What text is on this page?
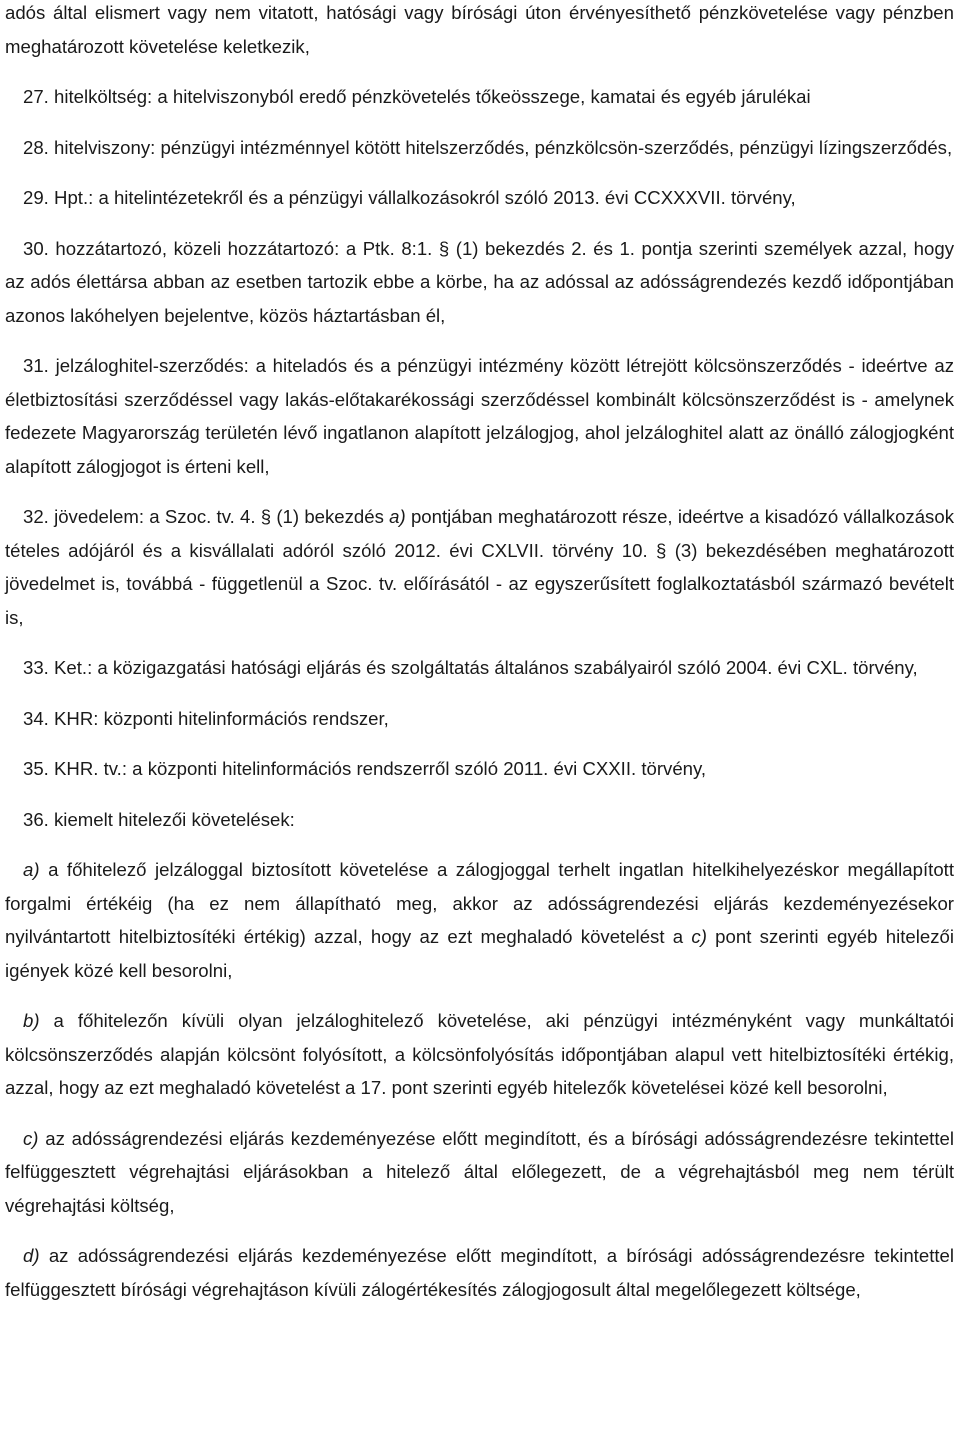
adós által elismert vagy nem vitatott, hatósági vagy bírósági úton érvényesíthető pénzkövetelése vagy pénzben meghatározott követelése keletkezik,

27. hitelköltség: a hitelviszonyból eredő pénzkövetelés tőkeösszege, kamatai és egyéb járulékai

28. hitelviszony: pénzügyi intézménnyel kötött hitelszerződés, pénzkölcsön-szerződés, pénzügyi lízingszerződés,

29. Hpt.: a hitelintézetekről és a pénzügyi vállalkozásokról szóló 2013. évi CCXXXVII. törvény,

30. hozzátartozó, közeli hozzátartozó: a Ptk. 8:1. § (1) bekezdés 2. és 1. pontja szerinti személyek azzal, hogy az adós élettársa abban az esetben tartozik ebbe a körbe, ha az adóssal az adósságrendezés kezdő időpontjában azonos lakóhelyen bejelentve, közös háztartásban él,

31. jelzáloghitel-szerződés: a hiteladós és a pénzügyi intézmény között létrejött kölcsönszerződés - ideértve az életbiztosítási szerződéssel vagy lakás-előtakarékossági szerződéssel kombinált kölcsönszerződést is - amelynek fedezete Magyarország területén lévő ingatlanon alapított jelzálogjog, ahol jelzáloghitel alatt az önálló zálogjogként alapított zálogjogot is érteni kell,

32. jövedelem: a Szoc. tv. 4. § (1) bekezdés a) pontjában meghatározott része, ideértve a kisadózó vállalkozások tételes adójáról és a kisvállalati adóról szóló 2012. évi CXLVII. törvény 10. § (3) bekezdésében meghatározott jövedelmet is, továbbá - függetlenül a Szoc. tv. előírásától - az egyszerűsített foglalkoztatásból származó bevételt is,

33. Ket.: a közigazgatási hatósági eljárás és szolgáltatás általános szabályairól szóló 2004. évi CXL. törvény,

34. KHR: központi hitelinformációs rendszer,

35. KHR. tv.: a központi hitelinformációs rendszerről szóló 2011. évi CXXII. törvény,

36. kiemelt hitelezői követelések:

a) a főhitelező jelzáloggal biztosított követelése a zálogjoggal terhelt ingatlan hitelkihelyezéskor megállapított forgalmi értékéig (ha ez nem állapítható meg, akkor az adósságrendezési eljárás kezdeményezésekor nyilvántartott hitelbiztosítéki értékig) azzal, hogy az ezt meghaladó követelést a c) pont szerinti egyéb hitelezői igények közé kell besorolni,

b) a főhitelezőn kívüli olyan jelzáloghitelező követelése, aki pénzügyi intézményként vagy munkáltatói kölcsönszerződés alapján kölcsönt folyósított, a kölcsönfolyósítás időpontjában alapul vett hitelbiztosítéki értékig, azzal, hogy az ezt meghaladó követelést a 17. pont szerinti egyéb hitelezők követelései közé kell besorolni,

c) az adósságrendezési eljárás kezdeményezése előtt megindított, és a bírósági adósságrendezésre tekintettel felfüggesztett végrehajtási eljárásokban a hitelező által előlegezett, de a végrehajtásból meg nem térült végrehajtási költség,

d) az adósságrendezési eljárás kezdeményezése előtt megindított, a bírósági adósságrendezésre tekintettel felfüggesztett bírósági végrehajtáson kívüli zálogértékesítés zálogjogosult által megelőlegezett költsége,
